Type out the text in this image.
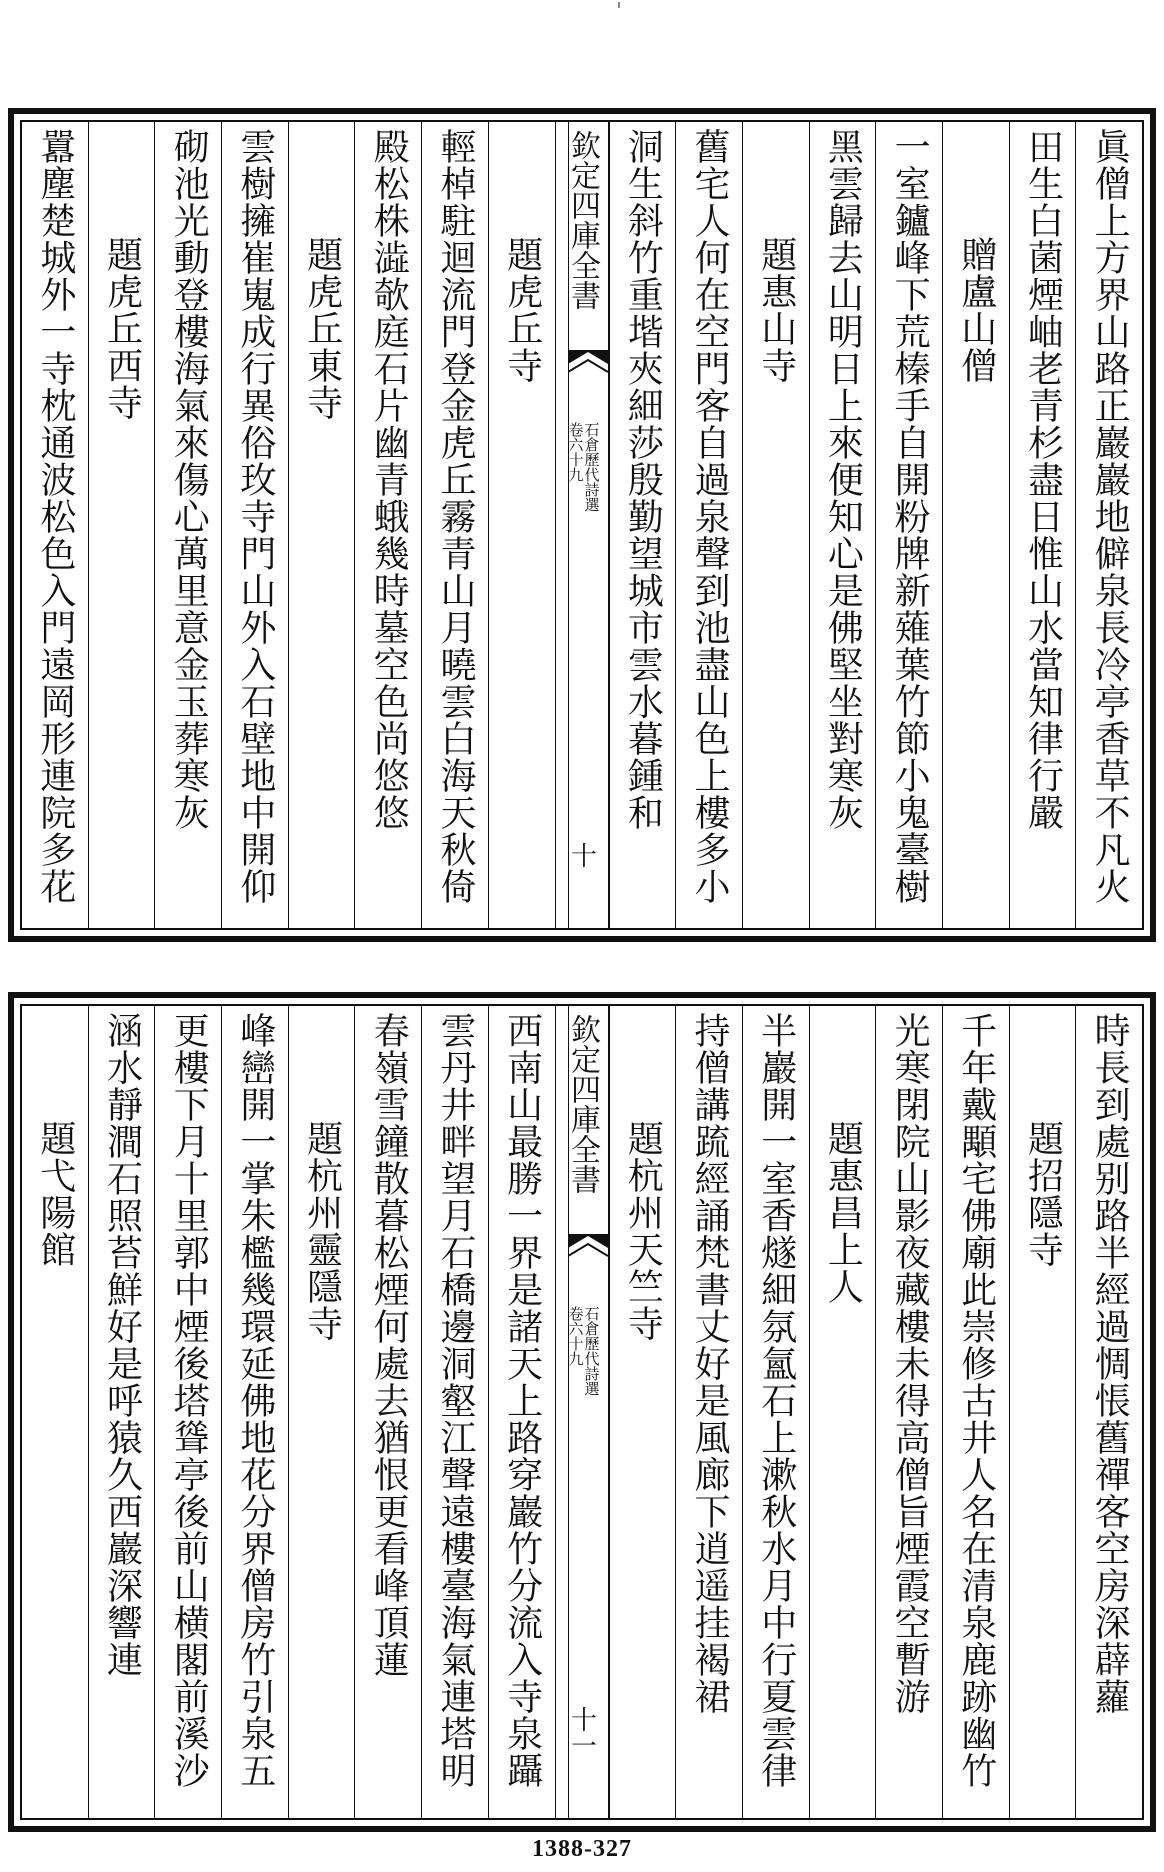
眞僧上方界山路正巖巖地僻泉長冷亭香草不凡火
田生白菌煙岫老青杉盡日惟山水當知律行嚴
贈盧山僧
一室鑪峰下荒榛手自開粉牌新薙葉竹節小鬼臺樹
黑雲歸去山明日上來便知心是佛堅坐對寒灰
題惠山寺
舊宅人何在空門客自過泉聲到池盡山色上樓多小
洞生斜竹重堦夾細莎殷勤望城市雲水暮鍾和
欽定四庫全書
石倉歷代詩選
卷六十九
十
題虎丘寺
輕棹駐迴流門登金虎丘霧青山月曉雲白海天秋倚
殿松株澁欹庭石片幽青蛾幾時墓空色尚悠悠
題虎丘東寺
雲樹擁崔嵬成行異俗玫寺門山外入石壁地中開仰
砌池光動登樓海氣來傷心萬里意金玉葬寒灰
題虎丘西寺
囂塵楚城外一寺枕通波松色入門遠岡形連院多花
時長到處别路半經過惆悵舊禪客空房深薜蘿
題招隱寺
千年戴顒宅佛廟此崇修古井人名在清泉鹿跡幽竹
光寒閉院山影夜藏樓未得高僧旨煙霞空暫游
題惠昌上人
半巖開一室香燧細氛氳石上漱秋水月中行夏雲律
持僧講䟽經誦梵書丈好是風廊下逍遥挂褐裙
題杭州天竺寺
欽定四庫全書
石倉歷代詩選
卷六十九
十一
西南山最勝一界是諸天上路穿巖竹分流入寺泉躡
雲丹井畔望月石橋邊洞壑江聲遠樓臺海氣連塔明
春嶺雪鐘散暮松煙何處去猶恨更看峰頂蓮
題杭州靈隱寺
峰巒開一掌朱檻幾環延佛地花分界僧房竹引泉五
更樓下月十里郭中煙後塔聳亭後前山横閣前溪沙
涵水靜澗石照苔鮮好是呼猿久西巖深響連
題弋陽館
1388-327
